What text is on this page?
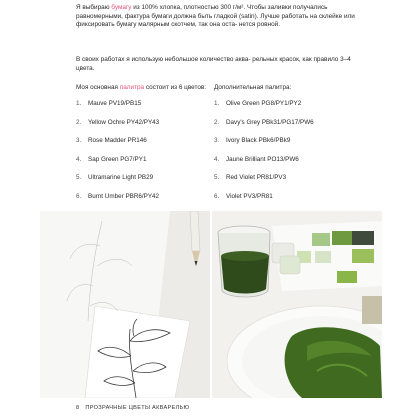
Я выбираю бумагу из 100% хлопка, плотностью 300 г/м². Чтобы заливки получались равномерными, фактура бумаги должна быть гладкой (satin). Лучше работать на склейке или фиксировать бумагу малярным скотчем, так она оста- нется ровной.

В своих работах я использую небольшое количество аква- рельных красок, как правило 3–4 цвета.

Моя основная палитра состоит из 6 цветов: Дополнительная палитра:

1. Mauve PV19/PB15
2. Yellow Ochre PY42/PY43
3. Rose Madder PR146
4. Sap Green PG7/PY1
5. Ultramarine Light PB29
6. Burnt Umber PBR6/PY42
1. Olive Green PG8/PY1/PY2
2. Davy's Grey PBk31/PG17/PW6
3. Ivory Black PBk6/PBk9
4. Jaune Brilliant PO13/PW6
5. Red Violet PR81/PV3
6. Violet PV3/PR81
8 ПРОЗРАЧНЫЕ ЦВЕТЫ АКВАРЕЛЬЮ
